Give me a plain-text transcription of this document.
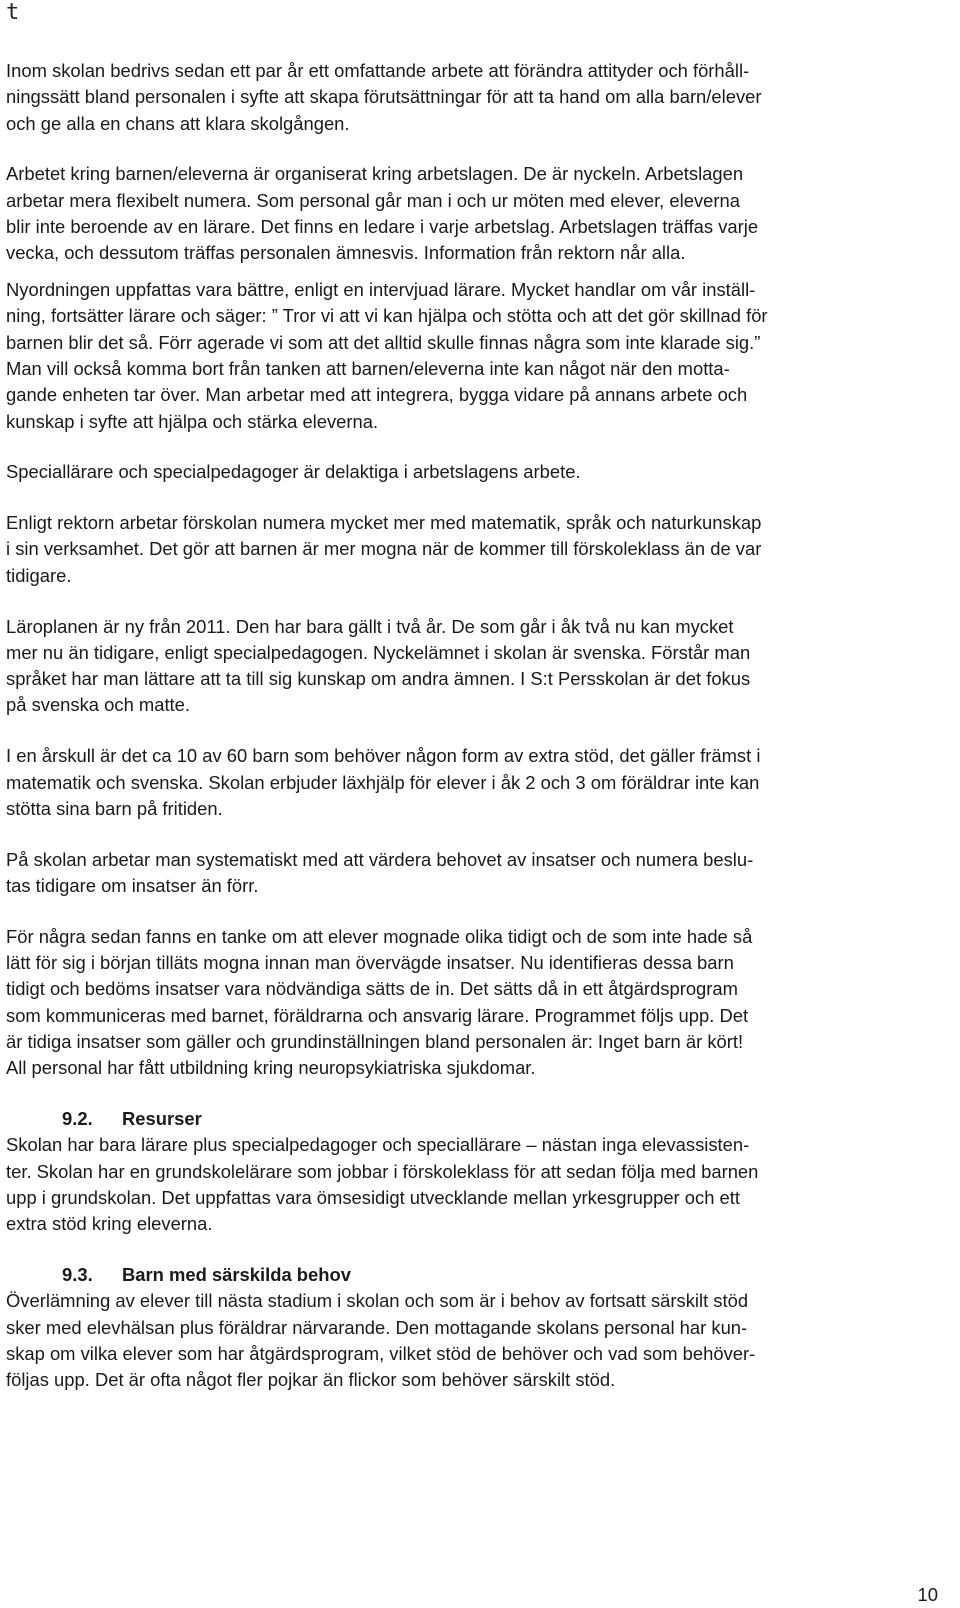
t
Inom skolan bedrivs sedan ett par år ett omfattande arbete att förändra attityder och förhåll-
ningssätt bland personalen i syfte att skapa förutsättningar för att ta hand om alla barn/elever
och ge alla en chans att klara skolgången.
Arbetet kring barnen/eleverna är organiserat kring arbetslagen. De är nyckeln. Arbetslagen
arbetar mera flexibelt numera. Som personal går man i och ur möten med elever, eleverna
blir inte beroende av en lärare. Det finns en ledare i varje arbetslag. Arbetslagen träffas varje
vecka, och dessutom träffas personalen ämnesvis. Information från rektorn når alla.
Nyordningen uppfattas vara bättre, enligt en intervjuad lärare. Mycket handlar om vår inställ-
ning, fortsätter lärare och säger: ” Tror vi att vi kan hjälpa och stötta och att det gör skillnad för
barnen blir det så. Förr agerade vi som att det alltid skulle finnas några som inte klarade sig.”
Man vill också komma bort från tanken att barnen/eleverna inte kan något när den motta-
gande enheten tar över. Man arbetar med att integrera, bygga vidare på annans arbete och
kunskap i syfte att hjälpa och stärka eleverna.
Speciallärare och specialpedagoger är delaktiga i arbetslagens arbete.
Enligt rektorn arbetar förskolan numera mycket mer med matematik, språk och naturkunskap
i sin verksamhet. Det gör att barnen är mer mogna när de kommer till förskoleklass än de var
tidigare.
Läroplanen är ny från 2011. Den har bara gällt i två år. De som går i åk två nu kan mycket
mer nu än tidigare, enligt specialpedagogen. Nyckelämnet i skolan är svenska. Förstår man
språket har man lättare att ta till sig kunskap om andra ämnen. I S:t Persskolan är det fokus
på svenska och matte.
I en årskull är det ca 10 av 60 barn som behöver någon form av extra stöd, det gäller främst i
matematik och svenska. Skolan erbjuder läxhjälp för elever i åk 2 och 3 om föräldrar inte kan
stötta sina barn på fritiden.
På skolan arbetar man systematiskt med att värdera behovet av insatser och numera beslu-
tas tidigare om insatser än förr.
För några sedan fanns en tanke om att elever mognade olika tidigt och de som inte hade så
lätt för sig i början tilläts mogna innan man övervägde insatser. Nu identifieras dessa barn
tidigt och bedöms insatser vara nödvändiga sätts de in. Det sätts då in ett åtgärdsprogram
som kommuniceras med barnet, föräldrarna och ansvarig lärare. Programmet följs upp. Det
är tidiga insatser som gäller och grundinställningen bland personalen är: Inget barn är kört!
All personal har fått utbildning kring neuropsykiatriska sjukdomar.
9.2. Resurser
Skolan har bara lärare plus specialpedagoger och speciallärare – nästan inga elevassisten-
ter. Skolan har en grundskolelärare som jobbar i förskoleklass för att sedan följa med barnen
upp i grundskolan. Det uppfattas vara ömsesidigt utvecklande mellan yrkesgrupper och ett
extra stöd kring eleverna.
9.3. Barn med särskilda behov
Överlämning av elever till nästa stadium i skolan och som är i behov av fortsatt särskilt stöd
sker med elevhälsan plus föräldrar närvarande. Den mottagande skolans personal har kun-
skap om vilka elever som har åtgärdsprogram, vilket stöd de behöver och vad som behöver-
följas upp. Det är ofta något fler pojkar än flickor som behöver särskilt stöd.
10
